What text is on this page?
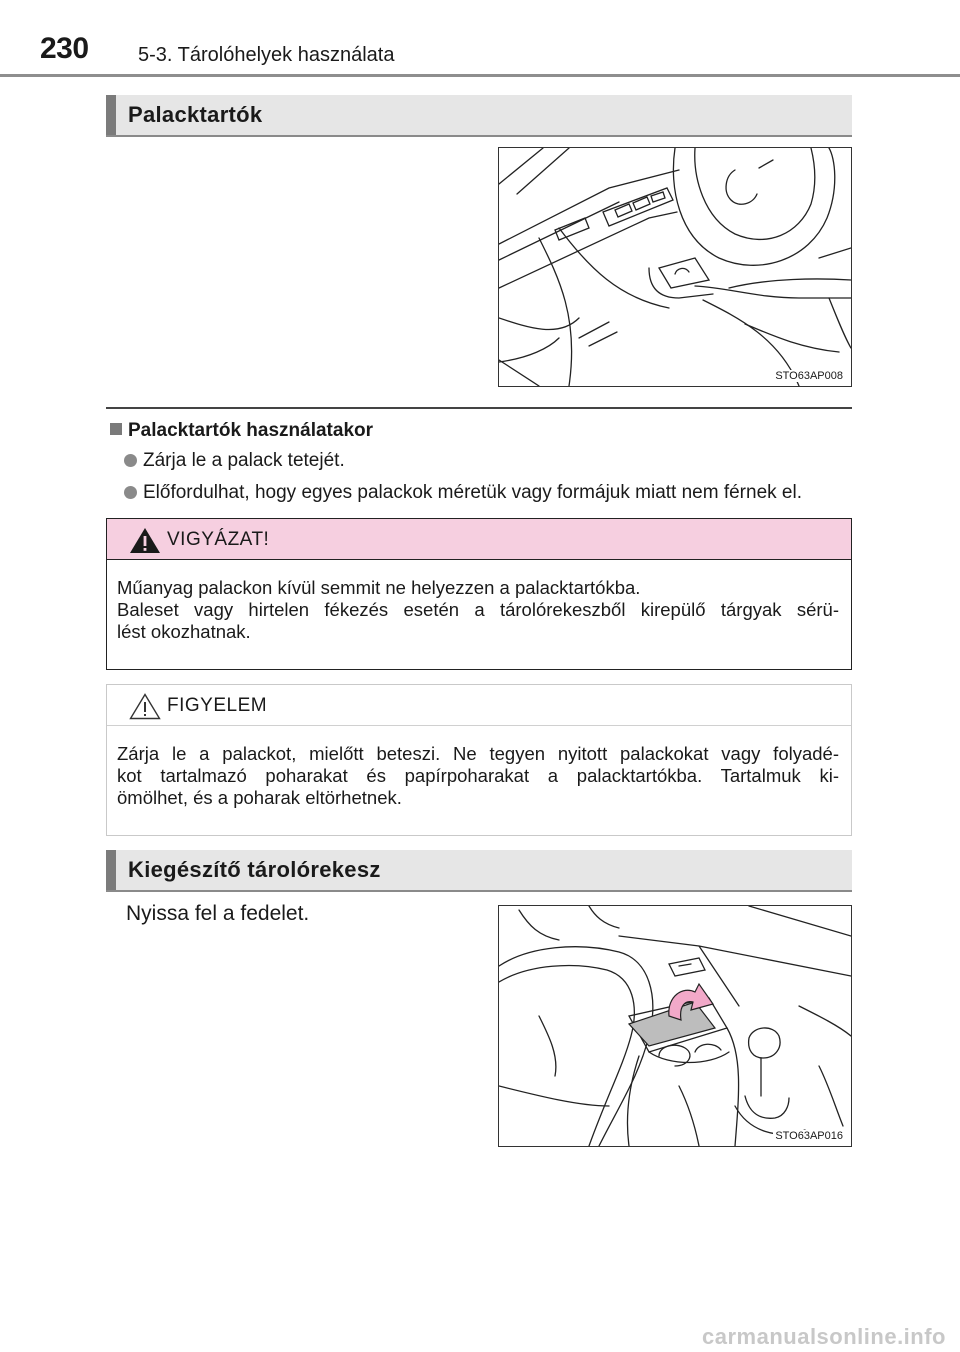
230 5-3. Tárolóhelyek használata
Palacktartók
STO63AP008
Palacktartók használatakor
Zárja le a palack tetejét.
Előfordulhat, hogy egyes palackok méretük vagy formájuk miatt nem férnek el.
VIGYÁZAT!
Műanyag palackon kívül semmit ne helyezzen a palacktartókba.
Baleset vagy hirtelen fékezés esetén a tárolórekeszből kirepülő tárgyak sérü-
lést okozhatnak.
FIGYELEM
Zárja le a palackot, mielőtt beteszi. Ne tegyen nyitott palackokat vagy folyadé-
kot tartalmazó poharakat és papírpoharakat a palacktartókba. Tartalmuk ki-
ömölhet, és a poharak eltörhetnek.
Kiegészítő tárolórekesz
Nyissa fel a fedelet.
STO63AP016
carmanualsonline.info
